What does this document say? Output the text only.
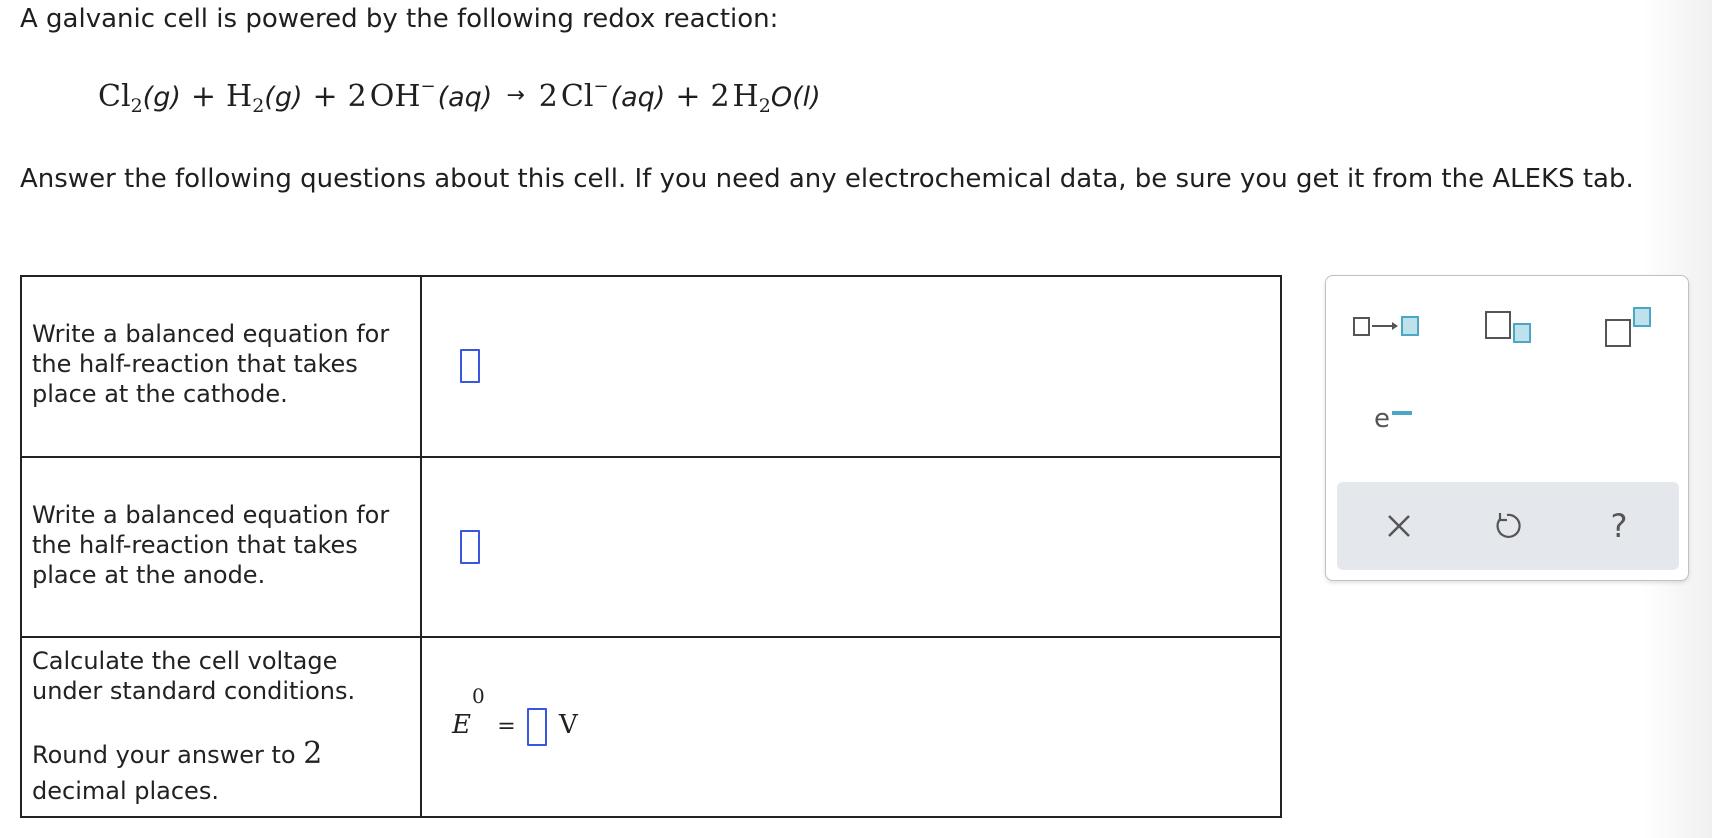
A galvanic cell is powered by the following redox reaction:
$Cl_2(g) + H_2(g) + 2$  OH−(aq) → 2  Cl−(aq) + 2  $H_2O(l)$
Answer the following questions about this cell. If you need any electrochemical data, be sure you get it from the ALEKS tab.
Write a balanced equation for the half-reaction that takes place at the cathode.
Write a balanced equation for the half-reaction that takes place at the anode.
Calculate the cell voltage under standard conditions.
Round your answer to 2
decimal places.
E
0
= V
e
?
